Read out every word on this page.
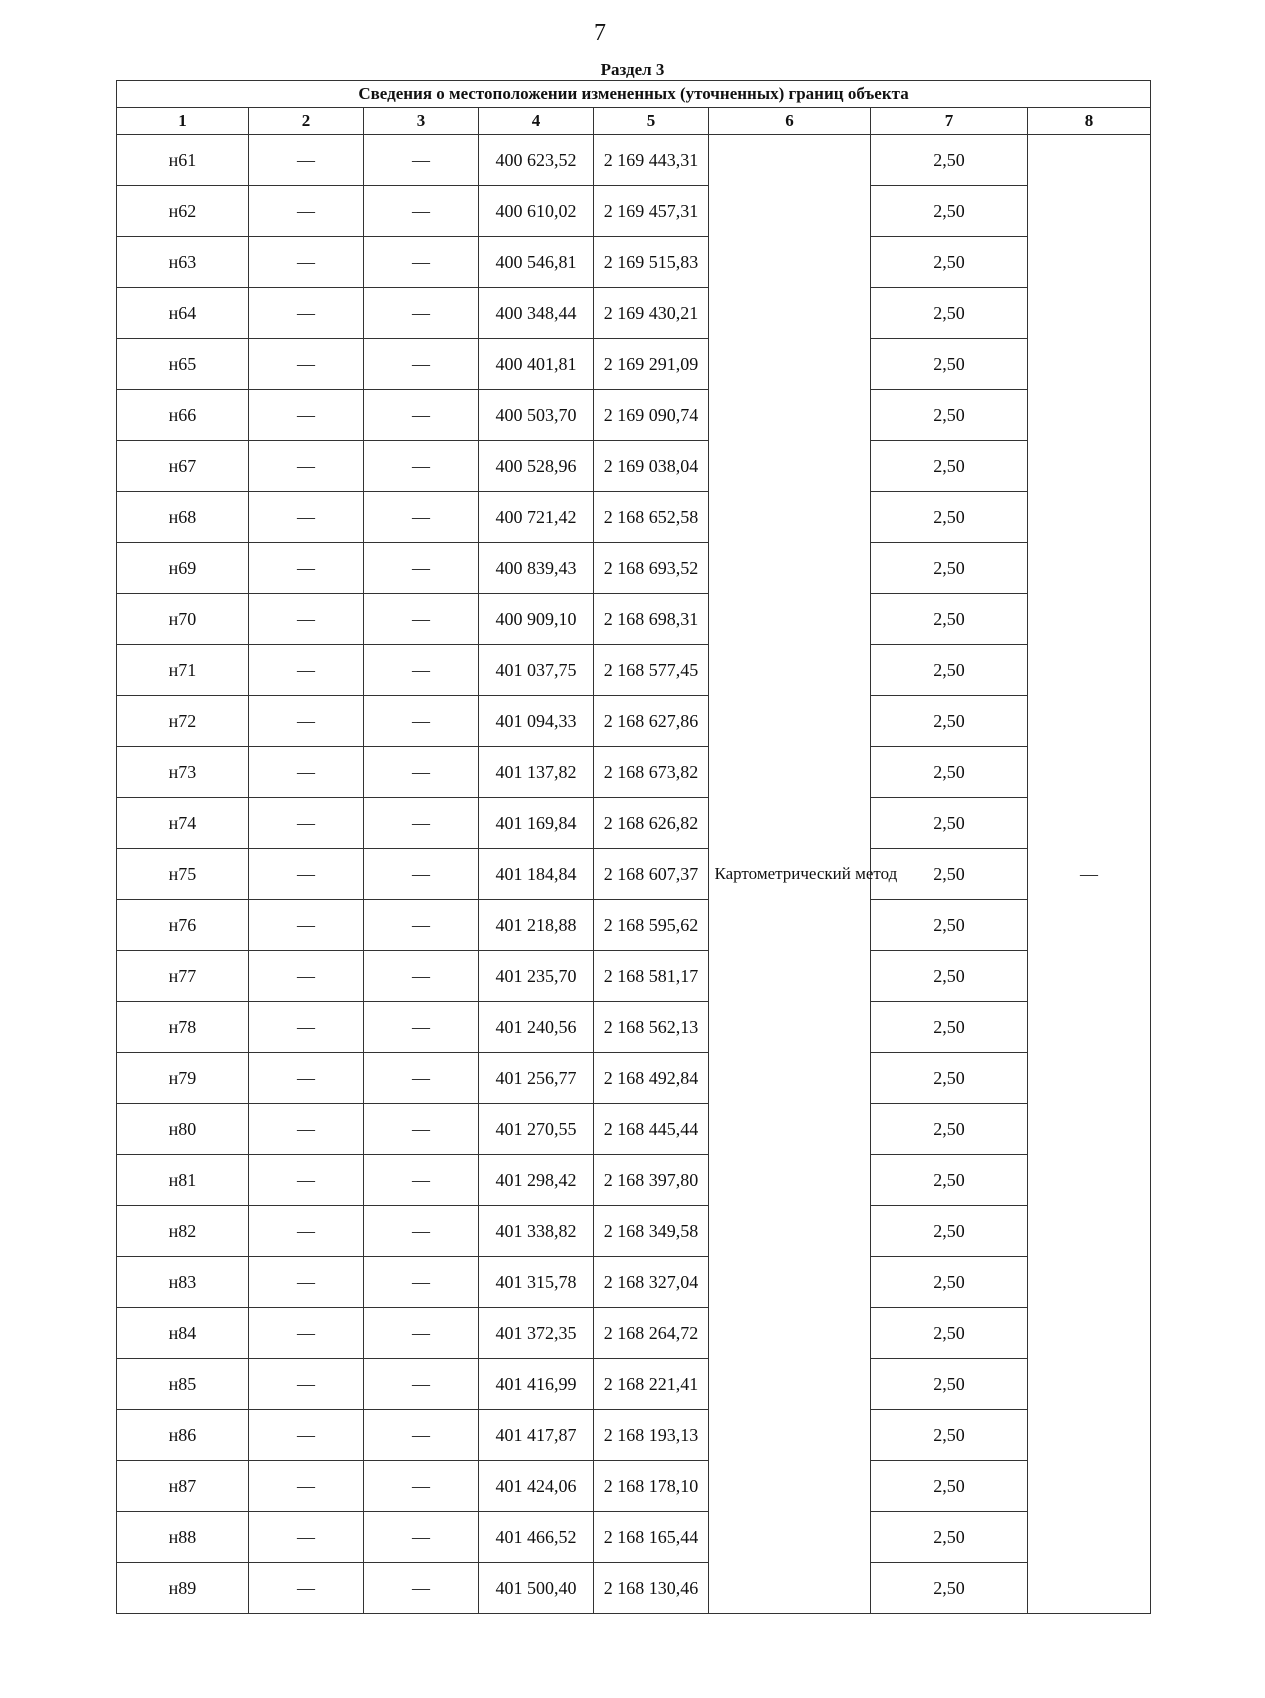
7
Раздел 3
Сведения о местоположении измененных (уточненных) границ объекта							
1	2	3	4	5	6	7	8
н61	—	—	400 623,52	2 169 443,31	Картометрический метод	2,50	—
н62	—	—	400 610,02	2 169 457,31		2,50	
н63	—	—	400 546,81	2 169 515,83		2,50	
н64	—	—	400 348,44	2 169 430,21		2,50	
н65	—	—	400 401,81	2 169 291,09		2,50	
н66	—	—	400 503,70	2 169 090,74		2,50	
н67	—	—	400 528,96	2 169 038,04		2,50	
н68	—	—	400 721,42	2 168 652,58		2,50	
н69	—	—	400 839,43	2 168 693,52		2,50	
н70	—	—	400 909,10	2 168 698,31		2,50	
н71	—	—	401 037,75	2 168 577,45		2,50	
н72	—	—	401 094,33	2 168 627,86		2,50	
н73	—	—	401 137,82	2 168 673,82		2,50	
н74	—	—	401 169,84	2 168 626,82		2,50	
н75	—	—	401 184,84	2 168 607,37		2,50	
н76	—	—	401 218,88	2 168 595,62		2,50	
н77	—	—	401 235,70	2 168 581,17		2,50	
н78	—	—	401 240,56	2 168 562,13		2,50	
н79	—	—	401 256,77	2 168 492,84		2,50	
н80	—	—	401 270,55	2 168 445,44		2,50	
н81	—	—	401 298,42	2 168 397,80		2,50	
н82	—	—	401 338,82	2 168 349,58		2,50	
н83	—	—	401 315,78	2 168 327,04		2,50	
н84	—	—	401 372,35	2 168 264,72		2,50	
н85	—	—	401 416,99	2 168 221,41		2,50	
н86	—	—	401 417,87	2 168 193,13		2,50	
н87	—	—	401 424,06	2 168 178,10		2,50	
н88	—	—	401 466,52	2 168 165,44		2,50	
н89	—	—	401 500,40	2 168 130,46		2,50	
